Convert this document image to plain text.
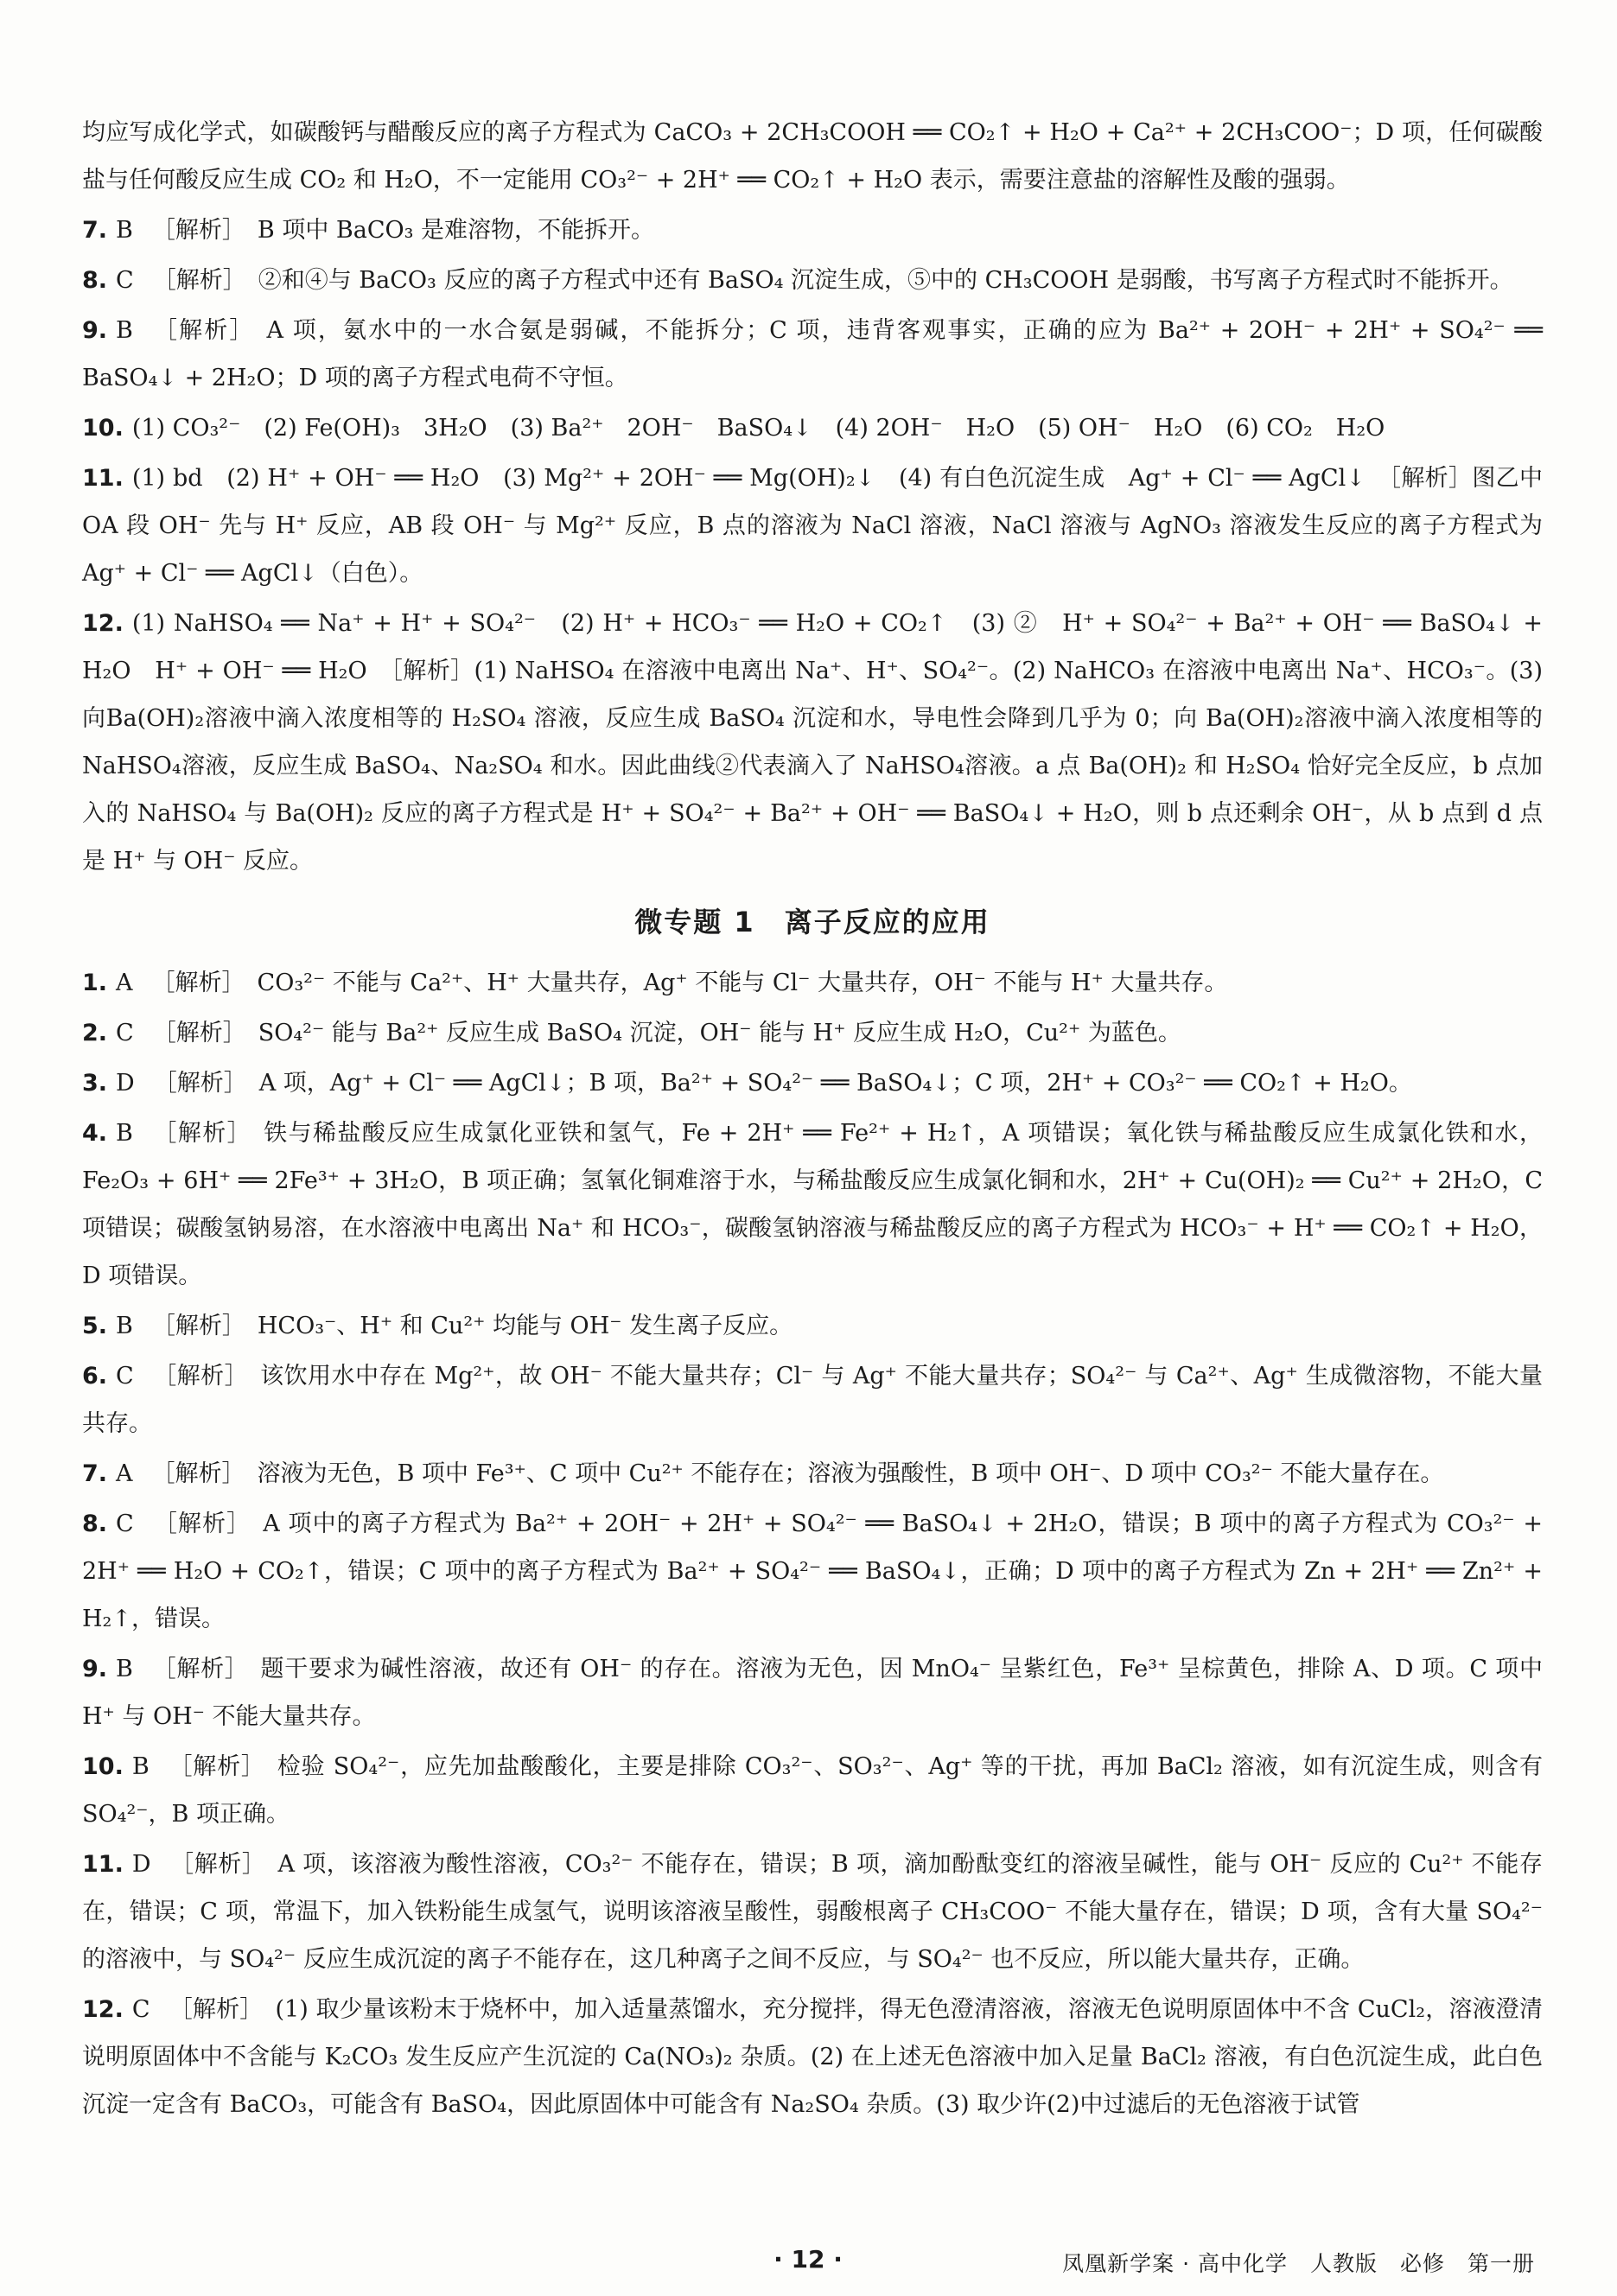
均应写成化学式，如碳酸钙与醋酸反应的离子方程式为 CaCO₃ + 2CH₃COOH ══ CO₂↑ + H₂O + Ca²⁺ + 2CH₃COO⁻；D 项，任何碳酸盐与任何酸反应生成 CO₂ 和 H₂O，不一定能用 CO₃²⁻ + 2H⁺ ══ CO₂↑ + H₂O 表示，需要注意盐的溶解性及酸的强弱。
7. B ［解析］ B 项中 BaCO₃ 是难溶物，不能拆开。
8. C ［解析］ ②和④与 BaCO₃ 反应的离子方程式中还有 BaSO₄ 沉淀生成，⑤中的 CH₃COOH 是弱酸，书写离子方程式时不能拆开。
9. B ［解析］ A 项，氨水中的一水合氨是弱碱，不能拆分；C 项，违背客观事实，正确的应为 Ba²⁺ + 2OH⁻ + 2H⁺ + SO₄²⁻ ══ BaSO₄↓ + 2H₂O；D 项的离子方程式电荷不守恒。
10. (1) CO₃²⁻　(2) Fe(OH)₃　3H₂O　(3) Ba²⁺　2OH⁻　BaSO₄↓　(4) 2OH⁻　H₂O　(5) OH⁻　H₂O　(6) CO₂　H₂O
11. (1) bd　(2) H⁺ + OH⁻ ══ H₂O　(3) Mg²⁺ + 2OH⁻ ══ Mg(OH)₂↓　(4) 有白色沉淀生成　Ag⁺ + Cl⁻ ══ AgCl↓　［解析］图乙中 OA 段 OH⁻ 先与 H⁺ 反应，AB 段 OH⁻ 与 Mg²⁺ 反应，B 点的溶液为 NaCl 溶液，NaCl 溶液与 AgNO₃ 溶液发生反应的离子方程式为 Ag⁺ + Cl⁻ ══ AgCl↓（白色）。
12. (1) NaHSO₄ ══ Na⁺ + H⁺ + SO₄²⁻　(2) H⁺ + HCO₃⁻ ══ H₂O + CO₂↑　(3) ②　H⁺ + SO₄²⁻ + Ba²⁺ + OH⁻ ══ BaSO₄↓ + H₂O　H⁺ + OH⁻ ══ H₂O　［解析］(1) NaHSO₄ 在溶液中电离出 Na⁺、H⁺、SO₄²⁻。(2) NaHCO₃ 在溶液中电离出 Na⁺、HCO₃⁻。(3) 向Ba(OH)₂溶液中滴入浓度相等的 H₂SO₄ 溶液，反应生成 BaSO₄ 沉淀和水，导电性会降到几乎为 0；向 Ba(OH)₂溶液中滴入浓度相等的 NaHSO₄溶液，反应生成 BaSO₄、Na₂SO₄ 和水。因此曲线②代表滴入了 NaHSO₄溶液。a 点 Ba(OH)₂ 和 H₂SO₄ 恰好完全反应，b 点加入的 NaHSO₄ 与 Ba(OH)₂ 反应的离子方程式是 H⁺ + SO₄²⁻ + Ba²⁺ + OH⁻ ══ BaSO₄↓ + H₂O，则 b 点还剩余 OH⁻，从 b 点到 d 点是 H⁺ 与 OH⁻ 反应。
微专题 1　离子反应的应用
1. A ［解析］ CO₃²⁻ 不能与 Ca²⁺、H⁺ 大量共存，Ag⁺ 不能与 Cl⁻ 大量共存，OH⁻ 不能与 H⁺ 大量共存。
2. C ［解析］ SO₄²⁻ 能与 Ba²⁺ 反应生成 BaSO₄ 沉淀，OH⁻ 能与 H⁺ 反应生成 H₂O，Cu²⁺ 为蓝色。
3. D ［解析］ A 项，Ag⁺ + Cl⁻ ══ AgCl↓；B 项，Ba²⁺ + SO₄²⁻ ══ BaSO₄↓；C 项，2H⁺ + CO₃²⁻ ══ CO₂↑ + H₂O。
4. B ［解析］ 铁与稀盐酸反应生成氯化亚铁和氢气，Fe + 2H⁺ ══ Fe²⁺ + H₂↑，A 项错误；氧化铁与稀盐酸反应生成氯化铁和水，Fe₂O₃ + 6H⁺ ══ 2Fe³⁺ + 3H₂O，B 项正确；氢氧化铜难溶于水，与稀盐酸反应生成氯化铜和水，2H⁺ + Cu(OH)₂ ══ Cu²⁺ + 2H₂O，C 项错误；碳酸氢钠易溶，在水溶液中电离出 Na⁺ 和 HCO₃⁻，碳酸氢钠溶液与稀盐酸反应的离子方程式为 HCO₃⁻ + H⁺ ══ CO₂↑ + H₂O，D 项错误。
5. B ［解析］ HCO₃⁻、H⁺ 和 Cu²⁺ 均能与 OH⁻ 发生离子反应。
6. C ［解析］ 该饮用水中存在 Mg²⁺，故 OH⁻ 不能大量共存；Cl⁻ 与 Ag⁺ 不能大量共存；SO₄²⁻ 与 Ca²⁺、Ag⁺ 生成微溶物，不能大量共存。
7. A ［解析］ 溶液为无色，B 项中 Fe³⁺、C 项中 Cu²⁺ 不能存在；溶液为强酸性，B 项中 OH⁻、D 项中 CO₃²⁻ 不能大量存在。
8. C ［解析］ A 项中的离子方程式为 Ba²⁺ + 2OH⁻ + 2H⁺ + SO₄²⁻ ══ BaSO₄↓ + 2H₂O，错误；B 项中的离子方程式为 CO₃²⁻ + 2H⁺ ══ H₂O + CO₂↑，错误；C 项中的离子方程式为 Ba²⁺ + SO₄²⁻ ══ BaSO₄↓，正确；D 项中的离子方程式为 Zn + 2H⁺ ══ Zn²⁺ + H₂↑，错误。
9. B ［解析］ 题干要求为碱性溶液，故还有 OH⁻ 的存在。溶液为无色，因 MnO₄⁻ 呈紫红色，Fe³⁺ 呈棕黄色，排除 A、D 项。C 项中 H⁺ 与 OH⁻ 不能大量共存。
10. B ［解析］ 检验 SO₄²⁻，应先加盐酸酸化，主要是排除 CO₃²⁻、SO₃²⁻、Ag⁺ 等的干扰，再加 BaCl₂ 溶液，如有沉淀生成，则含有 SO₄²⁻，B 项正确。
11. D ［解析］ A 项，该溶液为酸性溶液，CO₃²⁻ 不能存在，错误；B 项，滴加酚酞变红的溶液呈碱性，能与 OH⁻ 反应的 Cu²⁺ 不能存在，错误；C 项，常温下，加入铁粉能生成氢气，说明该溶液呈酸性，弱酸根离子 CH₃COO⁻ 不能大量存在，错误；D 项，含有大量 SO₄²⁻ 的溶液中，与 SO₄²⁻ 反应生成沉淀的离子不能存在，这几种离子之间不反应，与 SO₄²⁻ 也不反应，所以能大量共存，正确。
12. C ［解析］ (1) 取少量该粉末于烧杯中，加入适量蒸馏水，充分搅拌，得无色澄清溶液，溶液无色说明原固体中不含 CuCl₂，溶液澄清说明原固体中不含能与 K₂CO₃ 发生反应产生沉淀的 Ca(NO₃)₂ 杂质。(2) 在上述无色溶液中加入足量 BaCl₂ 溶液，有白色沉淀生成，此白色沉淀一定含有 BaCO₃，可能含有 BaSO₄，因此原固体中可能含有 Na₂SO₄ 杂质。(3) 取少许(2)中过滤后的无色溶液于试管
· 12 ·	凤凰新学案 · 高中化学　人教版　必修　第一册
